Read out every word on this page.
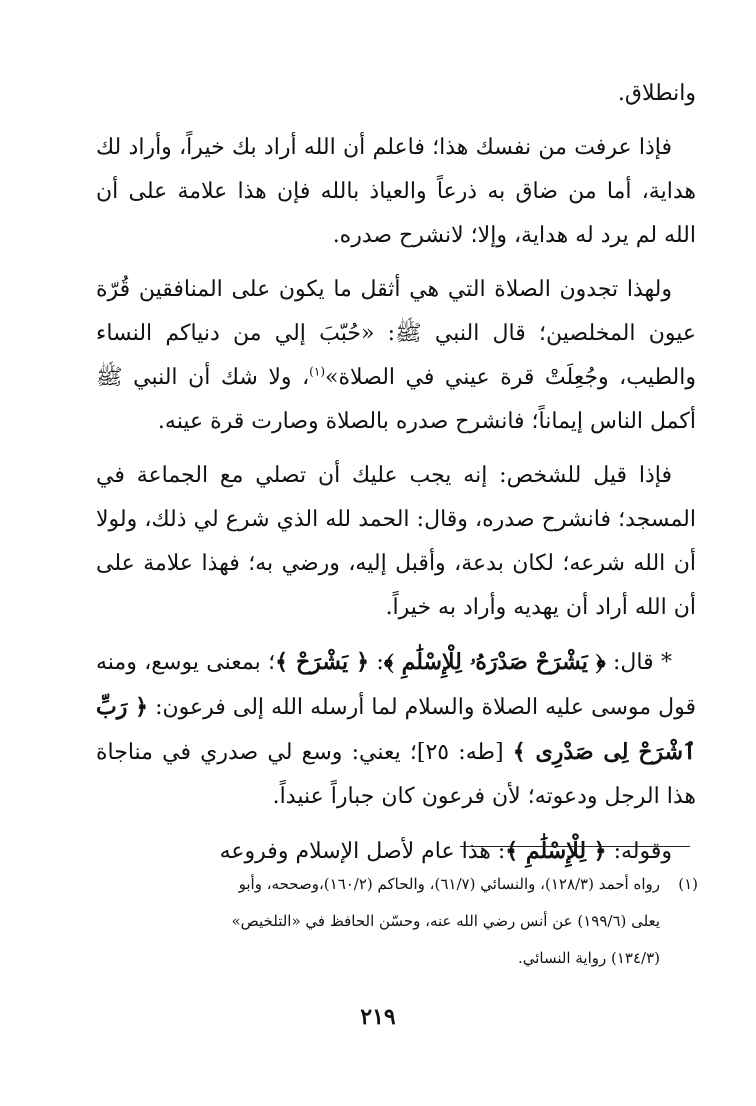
وانطلاق.

فإذا عرفت من نفسك هذا؛ فاعلم أن الله أراد بك خيراً، وأراد لك هداية، أما من ضاق به ذرعاً والعياذ بالله فإن هذا علامة على أن الله لم يرد له هداية، وإلا؛ لانشرح صدره.

ولهذا تجدون الصلاة التي هي أثقل ما يكون على المنافقين قُرّة عيون المخلصين؛ قال النبي ﷺ: «حُبّبَ إلي من دنياكم النساء والطيب، وجُعِلَتْ قرة عيني في الصلاة»$^{(١)}$، ولا شك أن النبي ﷺ أكمل الناس إيماناً؛ فانشرح صدره بالصلاة وصارت قرة عينه.

فإذا قيل للشخص: إنه يجب عليك أن تصلي مع الجماعة في المسجد؛ فانشرح صدره، وقال: الحمد لله الذي شرع لي ذلك، ولولا أن الله شرعه؛ لكان بدعة، وأقبل إليه، ورضي به؛ فهذا علامة على أن الله أراد أن يهديه وأراد به خيراً.

* قال: ﴿ يَشْرَحْ صَدْرَهُۥ لِلْإِسْلَٰمِ ﴾: ﴿ يَشْرَحْ ﴾؛ بمعنى يوسع، ومنه قول موسى عليه الصلاة والسلام لما أرسله الله إلى فرعون: ﴿ رَبِّ ٱشْرَحْ لِى صَدْرِى ﴾ [طه: ٢٥]؛ يعني: وسع لي صدري في مناجاة هذا الرجل ودعوته؛ لأن فرعون كان جباراً عنيداً.

وقوله: ﴿ لِلْإِسْلَٰمِ ﴾: هذا عام لأصل الإسلام وفروعه

(١)رواه أحمد (١٢٨/٣)، والنسائي (٦١/٧)، والحاكم (١٦٠/٢)،وصححه، وأبو
يعلى (١٩٩/٦) عن أنس رضي الله عنه، وحسّن الحافظ في «التلخيص»
(١٣٤/٣) رواية النسائي.
٢١٩
